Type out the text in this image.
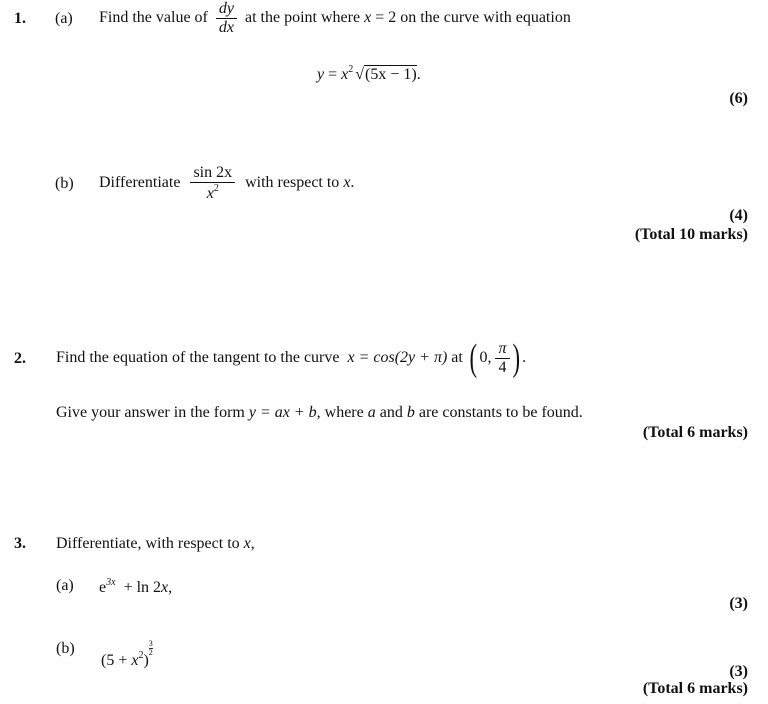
1. (a) Find the value of $\frac{dy}{dx}$ at the point where x = 2 on the curve with equation
$y = x^2$ √(5x − 1).
(6)
(b) Differentiate $\frac{\sin 2x}{x^2}$ with respect to x.
(4)
(Total 10 marks)
2. Find the equation of the tangent to the curve x = cos(2y + π) at ( 0, $\frac{\pi}{4}$ ) .
Give your answer in the form y = ax + b, where a and b are constants to be found.
(Total 6 marks)
3. Differentiate, with respect to x,
(a) $e^{3x} + \ln 2x$,
(3)
(b)
$(5 + x^2)$
$\frac{3}{2}$
(3)
(Total 6 marks)
